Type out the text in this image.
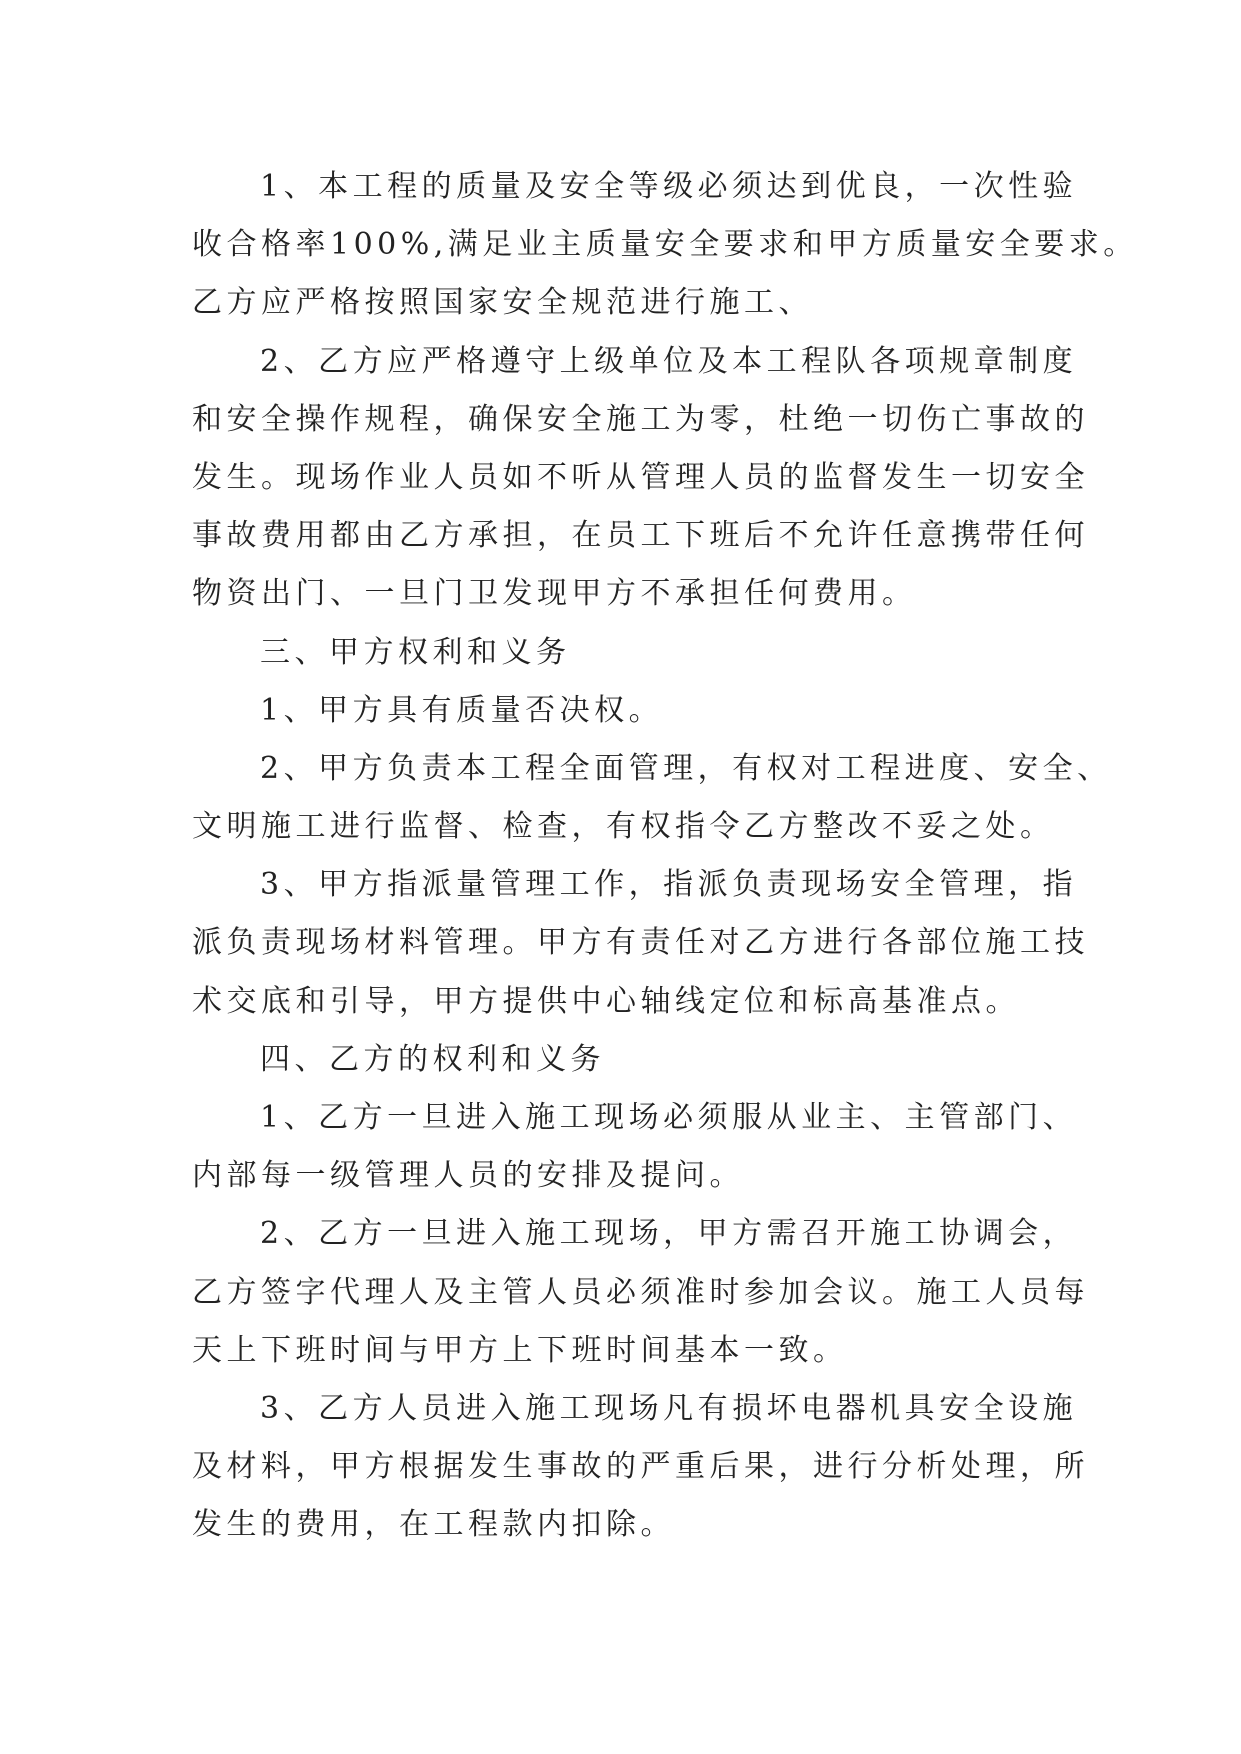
1、本工程的质量及安全等级必须达到优良，一次性验
收合格率100%,满足业主质量安全要求和甲方质量安全要求。
乙方应严格按照国家安全规范进行施工、
2、乙方应严格遵守上级单位及本工程队各项规章制度
和安全操作规程，确保安全施工为零，杜绝一切伤亡事故的
发生。现场作业人员如不听从管理人员的监督发生一切安全
事故费用都由乙方承担，在员工下班后不允许任意携带任何
物资出门、一旦门卫发现甲方不承担任何费用。
三、甲方权利和义务
1、甲方具有质量否决权。
2、甲方负责本工程全面管理，有权对工程进度、安全、
文明施工进行监督、检查，有权指令乙方整改不妥之处。
3、甲方指派量管理工作，指派负责现场安全管理，指
派负责现场材料管理。甲方有责任对乙方进行各部位施工技
术交底和引导，甲方提供中心轴线定位和标高基准点。
四、乙方的权利和义务
1、乙方一旦进入施工现场必须服从业主、主管部门、
内部每一级管理人员的安排及提问。
2、乙方一旦进入施工现场，甲方需召开施工协调会，
乙方签字代理人及主管人员必须准时参加会议。施工人员每
天上下班时间与甲方上下班时间基本一致。
3、乙方人员进入施工现场凡有损坏电器机具安全设施
及材料，甲方根据发生事故的严重后果，进行分析处理，所
发生的费用，在工程款内扣除。
